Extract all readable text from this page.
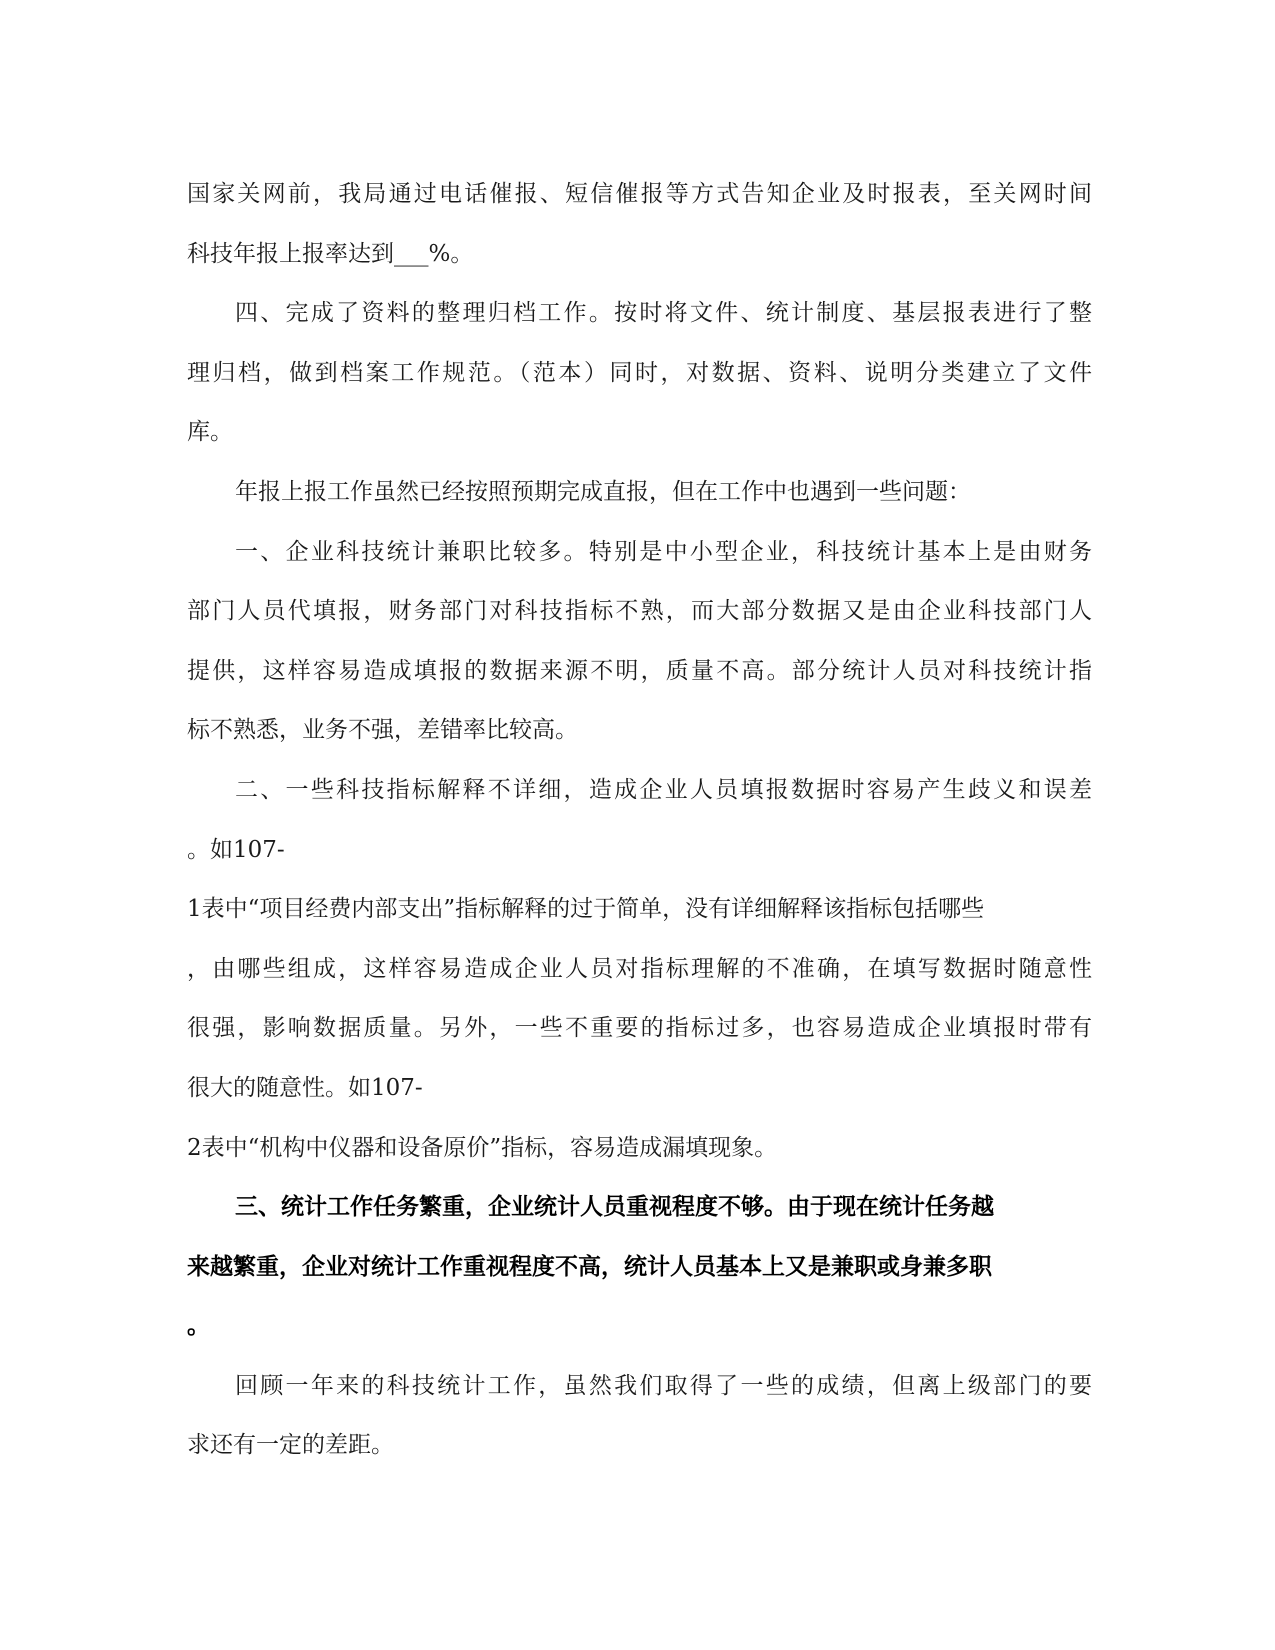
国家关网前，我局通过电话催报、短信催报等方式告知企业及时报表，至关网时间
科技年报上报率达到___%。
四、完成了资料的整理归档工作。按时将文件、统计制度、基层报表进行了整
理归档，做到档案工作规范。（范本）同时，对数据、资料、说明分类建立了文件
库。
年报上报工作虽然已经按照预期完成直报，但在工作中也遇到一些问题：
一、企业科技统计兼职比较多。特别是中小型企业，科技统计基本上是由财务
部门人员代填报，财务部门对科技指标不熟，而大部分数据又是由企业科技部门人
提供，这样容易造成填报的数据来源不明，质量不高。部分统计人员对科技统计指
标不熟悉，业务不强，差错率比较高。
二、一些科技指标解释不详细，造成企业人员填报数据时容易产生歧义和误差
。如107-
1表中“项目经费内部支出”指标解释的过于简单，没有详细解释该指标包括哪些
，由哪些组成，这样容易造成企业人员对指标理解的不准确，在填写数据时随意性
很强，影响数据质量。另外，一些不重要的指标过多，也容易造成企业填报时带有
很大的随意性。如107-
2表中“机构中仪器和设备原价”指标，容易造成漏填现象。
三、统计工作任务繁重，企业统计人员重视程度不够。由于现在统计任务越
来越繁重，企业对统计工作重视程度不高，统计人员基本上又是兼职或身兼多职
。
回顾一年来的科技统计工作，虽然我们取得了一些的成绩，但离上级部门的要
求还有一定的差距。
